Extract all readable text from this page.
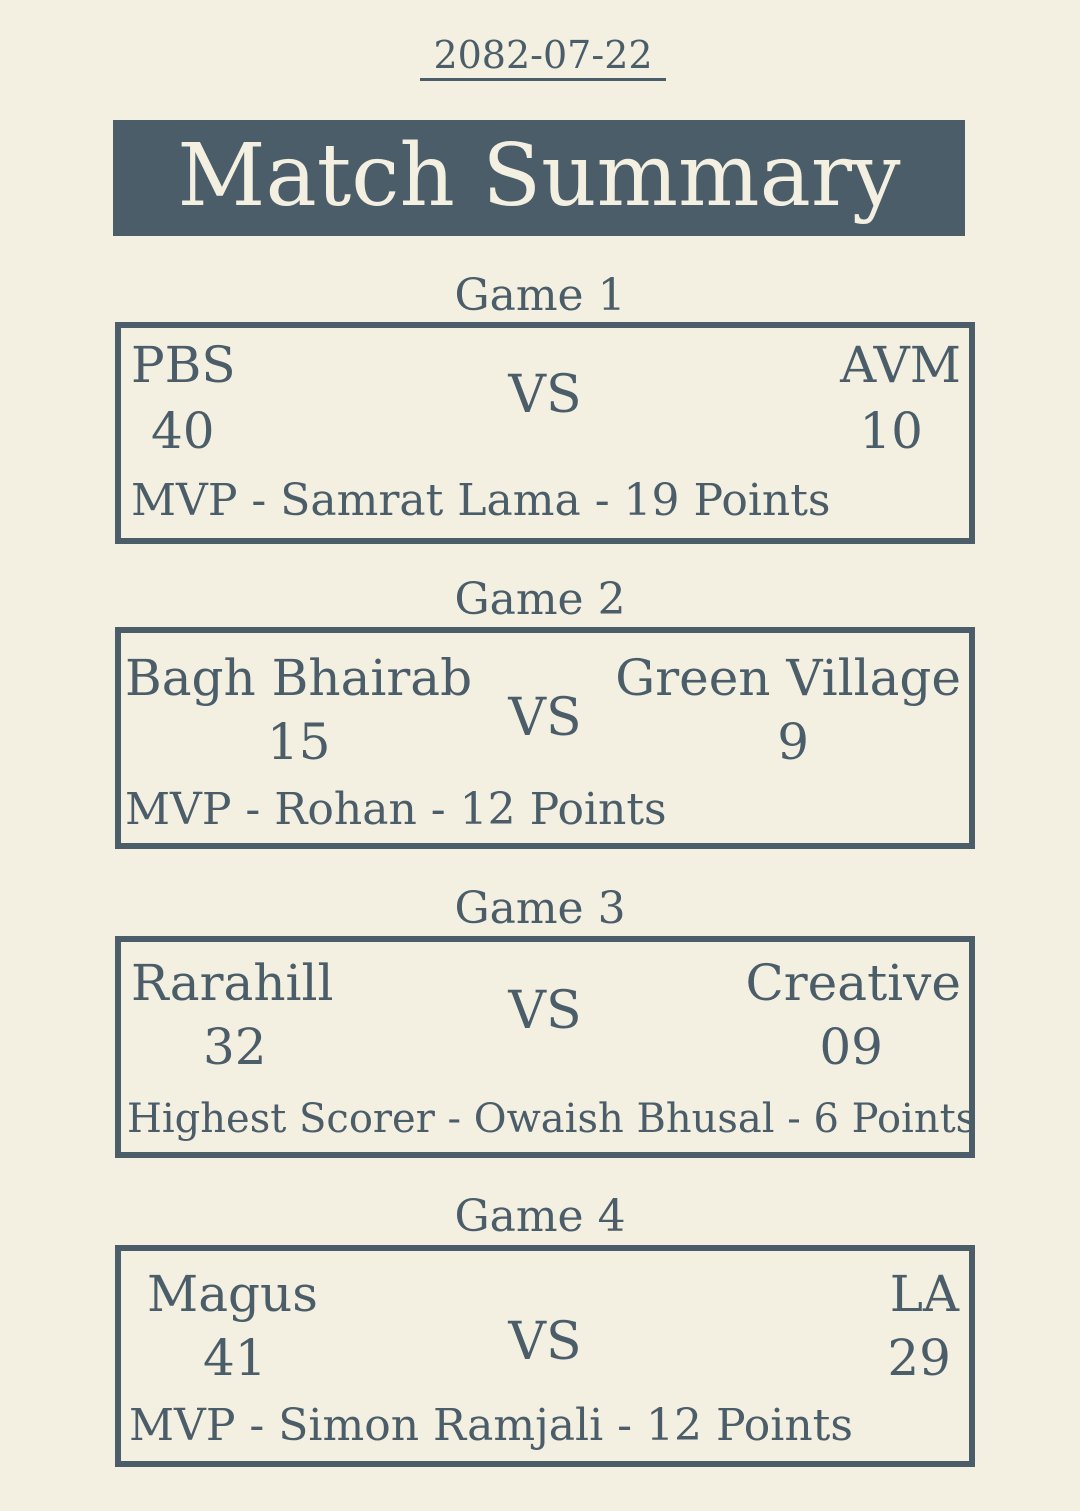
2082-07-22
Match Summary
Game 1
PBS
40
VS	AVM
10
MVP - Samrat Lama - 19 Points
Game 2
Bagh Bhairab
15	VS
Green Village
9
MVP - Rohan - 12 Points
Game 3
Rarahill
32
VS	Creative
09
Highest Scorer - Owaish Bhusal - 6 Points
Game 4
Magus
41	VS
LA
29
MVP - Simon Ramjali - 12 Points
